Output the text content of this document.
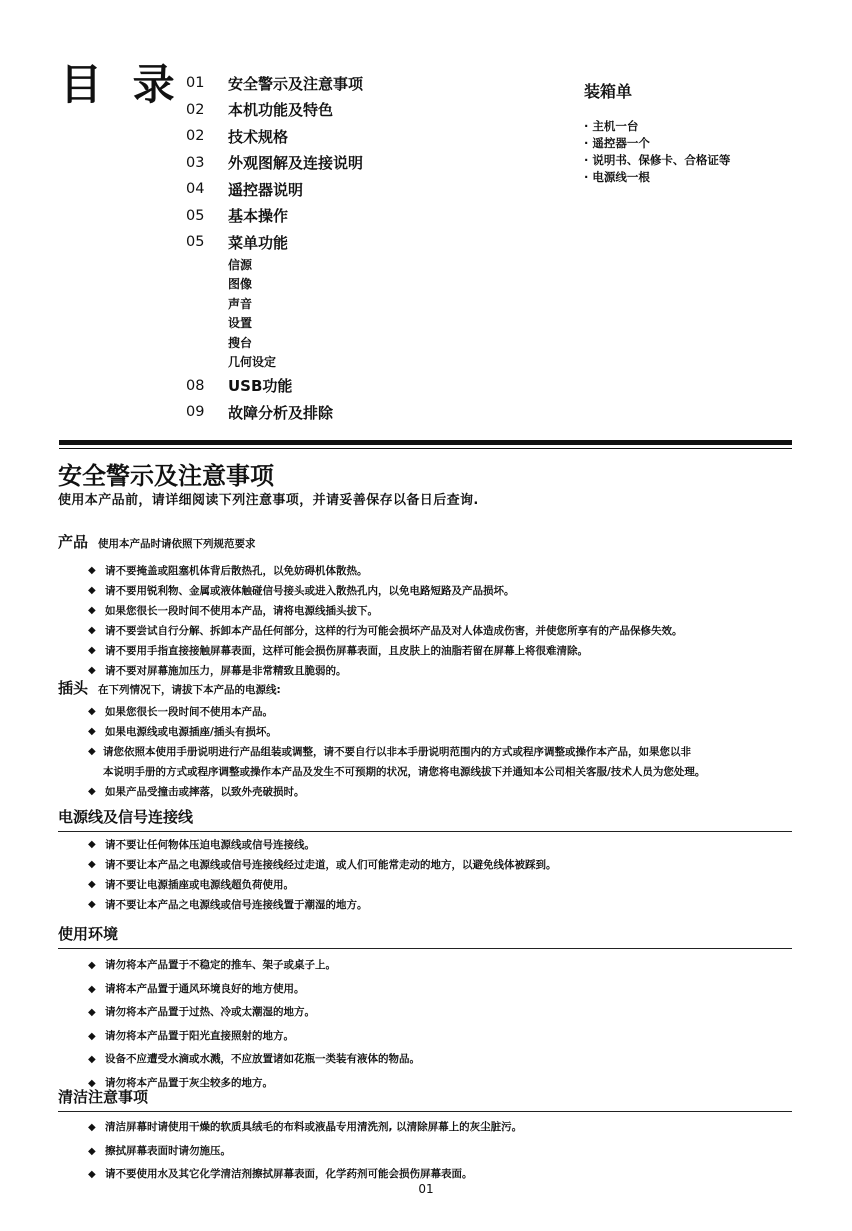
目 录 01	安全警示及注意事项
02	本机功能及特色
02	技术规格
03	外观图解及连接说明
04	遥控器说明
05	基本操作
05	菜单功能
信源
图像
声音
设置
搜台
几何设定
08	USB功能
09	故障分析及排除
装箱单
· 主机一台
· 遥控器一个
· 说明书、保修卡、合格证等
· 电源线一根
安全警示及注意事项
使用本产品前，请详细阅读下列注意事项，并请妥善保存以备日后查询.
产品 使用本产品时请依照下列规范要求
◆ 请不要掩盖或阻塞机体背后散热孔，以免妨碍机体散热。
◆ 请不要用锐利物、金属或液体触碰信号接头或进入散热孔内，以免电路短路及产品损坏。
◆ 如果您很长一段时间不使用本产品，请将电源线插头拔下。
◆ 请不要尝试自行分解、拆卸本产品任何部分，这样的行为可能会损坏产品及对人体造成伤害，并使您所享有的产品保修失效。
◆ 请不要用手指直接接触屏幕表面，这样可能会损伤屏幕表面，且皮肤上的油脂若留在屏幕上将很难清除。
◆ 请不要对屏幕施加压力，屏幕是非常精致且脆弱的。
插头 在下列情况下，请拔下本产品的电源线:
◆ 如果您很长一段时间不使用本产品。
◆ 如果电源线或电源插座/插头有损坏。
◆ 请您依照本使用手册说明进行产品组装或调整，请不要自行以非本手册说明范围内的方式或程序调整或操作本产品，如果您以非
本说明手册的方式或程序调整或操作本产品及发生不可预期的状况，请您将电源线拔下并通知本公司相关客服/技术人员为您处理。
◆ 如果产品受撞击或摔落，以致外壳破损时。
电源线及信号连接线
◆ 请不要让任何物体压迫电源线或信号连接线。
◆ 请不要让本产品之电源线或信号连接线经过走道，或人们可能常走动的地方，以避免线体被踩到。
◆ 请不要让电源插座或电源线超负荷使用。
◆ 请不要让本产品之电源线或信号连接线置于潮湿的地方。
使用环境
◆ 请勿将本产品置于不稳定的推车、架子或桌子上。
◆ 请将本产品置于通风环境良好的地方使用。
◆ 请勿将本产品置于过热、冷或太潮湿的地方。
◆ 请勿将本产品置于阳光直接照射的地方。
◆ 设备不应遭受水滴或水溅，不应放置诸如花瓶一类装有液体的物品。
◆ 请勿将本产品置于灰尘较多的地方。
清洁注意事项
◆ 清洁屏幕时请使用干燥的软质具绒毛的布料或液晶专用清洗剂, 以清除屏幕上的灰尘脏污。
◆ 擦拭屏幕表面时请勿施压。
◆ 请不要使用水及其它化学清洁剂擦拭屏幕表面，化学药剂可能会损伤屏幕表面。
01
